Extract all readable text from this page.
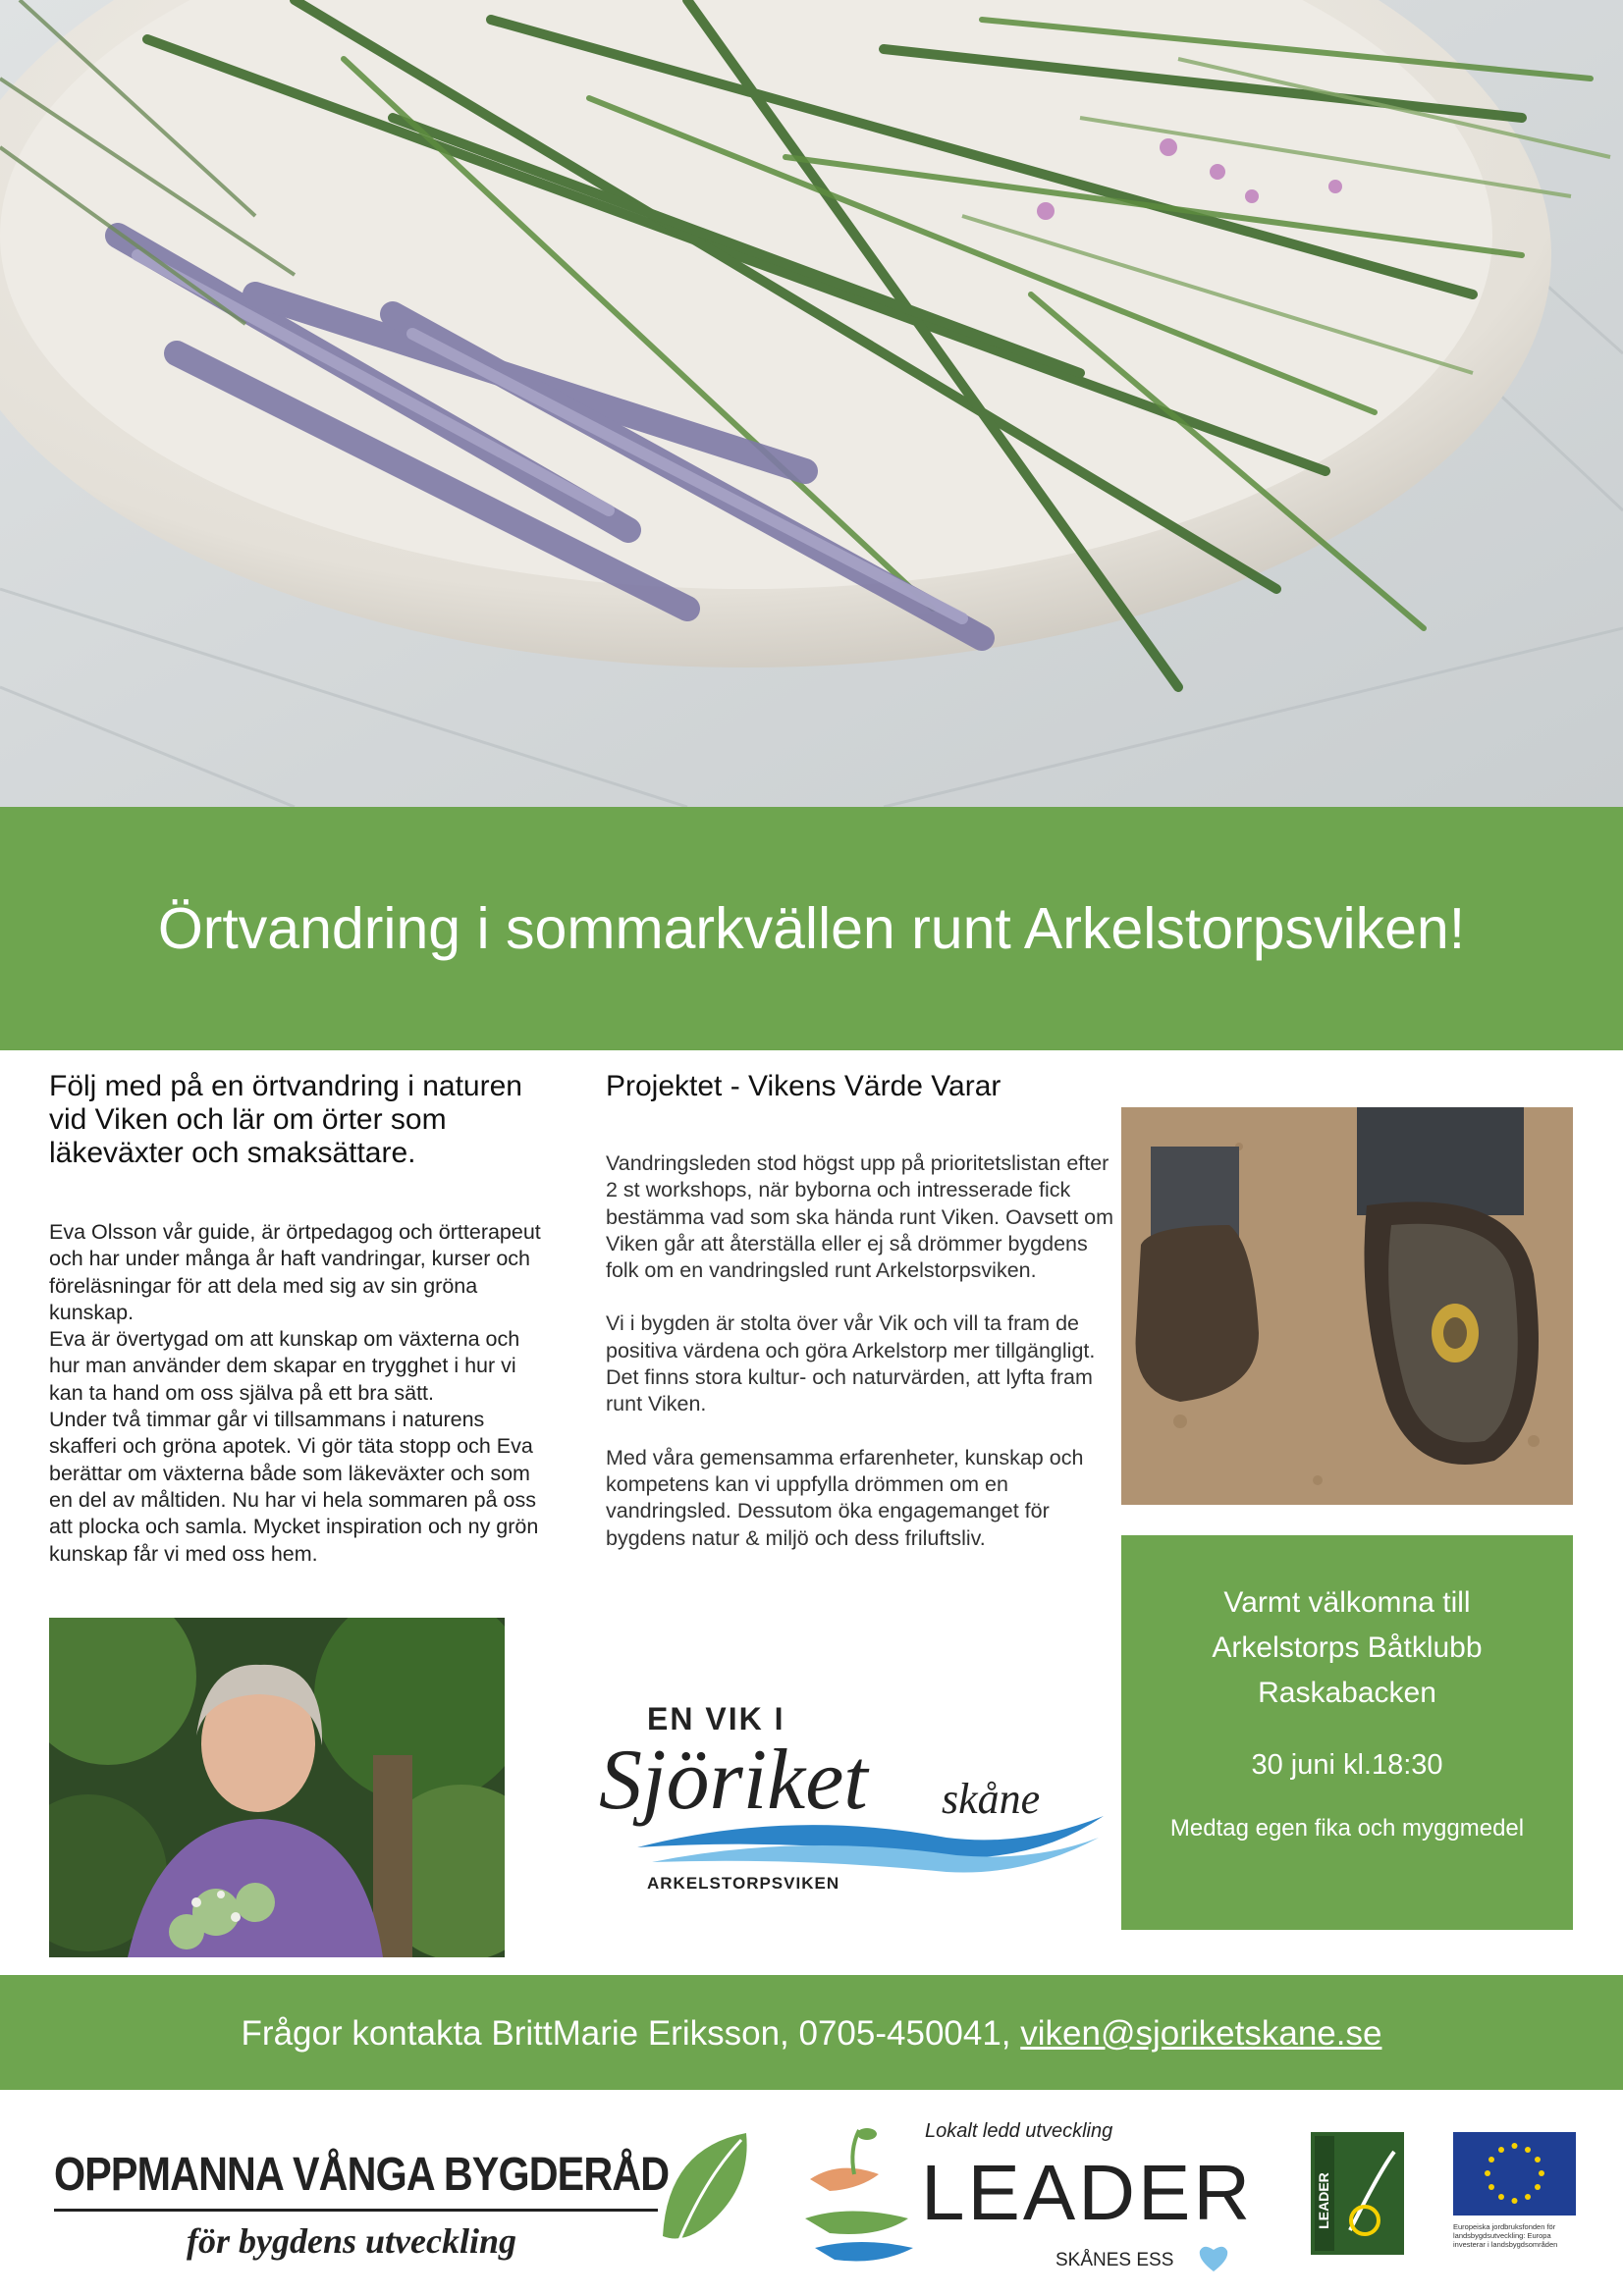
Örtvandring i sommarkvällen runt Arkelstorpsviken!

Följ med på en örtvandring i naturen vid Viken och lär om örter som läkeväxter och smaksättare.

Eva Olsson vår guide, är örtpedagog och örtterapeut och har under många år haft vandringar, kurser och föreläsningar för att dela med sig av sin gröna kunskap.

Eva är övertygad om att kunskap om växterna och hur man använder dem skapar en trygghet i hur vi kan ta hand om oss själva på ett bra sätt.

Under två timmar går vi tillsammans i naturens skafferi och gröna apotek. Vi gör täta stopp och Eva berättar om växterna både som läkeväxter och som en del av måltiden. Nu har vi hela sommaren på oss att plocka och samla. Mycket inspiration och ny grön kunskap får vi med oss hem.

Projektet - Vikens Värde Varar

Vandringsleden stod högst upp på prioritetslistan efter 2 st workshops, när byborna och intresserade fick bestämma vad som ska hända runt Viken. Oavsett om Viken går att återställa eller ej så drömmer bygdens folk om en vandringsled runt Arkelstorpsviken.

Vi i bygden är stolta över vår Vik och vill ta fram de positiva värdena och göra Arkelstorp mer tillgängligt. Det finns stora kultur- och naturvärden, att lyfta fram runt Viken.

Med våra gemensamma erfarenheter, kunskap och kompetens kan vi uppfylla drömmen om en vandringsled. Dessutom öka engagemanget för bygdens natur & miljö och dess friluftsliv.

EN VIK I
Sjöriket skåne
ARKELSTORPSVIKEN
Varmt välkomna till
Arkelstorps Båtklubb
Raskabacken
30 juni kl.18:30
Medtag egen fika och myggmedel
Frågor kontakta BrittMarie Eriksson, 0705-450041, viken@sjoriketskane.se
OPPMANNA VÅNGA BYGDERÅD
för bygdens utveckling
Lokalt ledd utveckling
LEADER
SKÅNES ESS
LEADER	Europeiska jordbruksfonden för landsbygdsutveckling: Europa investerar i landsbygdsområden
